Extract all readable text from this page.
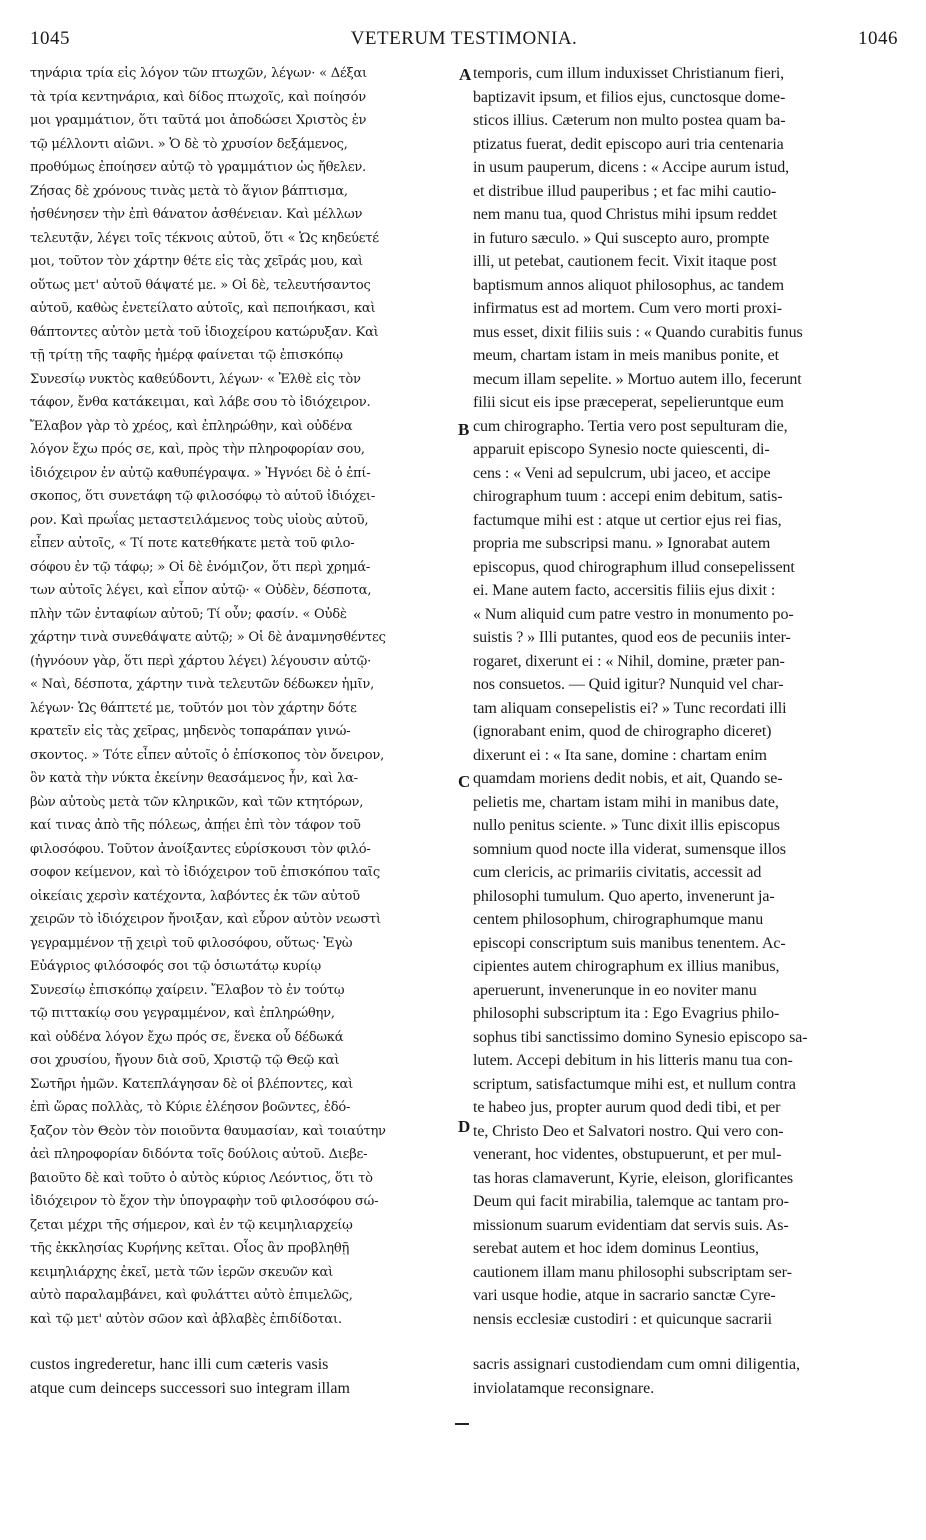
1045	VETERUM TESTIMONIA.	1046
τηνάρια τρία εἰς λόγον τῶν πτωχῶν, λέγων· « Δέξαι
τὰ τρία κεντηνάρια, καὶ δίδος πτωχοῖς, καὶ ποίησόν
μοι γραμμάτιον, ὅτι ταῦτά μοι ἀποδώσει Χριστὸς ἐν
τῷ μέλλοντι αἰῶνι. » Ὁ δὲ τὸ χρυσίον δεξάμενος,
προθύμως ἐποίησεν αὐτῷ τὸ γραμμάτιον ὡς ἤθελεν.
Ζήσας δὲ χρόνους τινὰς μετὰ τὸ ἅγιον βάπτισμα,
ἠσθένησεν τὴν ἐπὶ θάνατον ἀσθένειαν. Καὶ μέλλων
τελευτᾷν, λέγει τοῖς τέκνοις αὐτοῦ, ὅτι « Ὡς κηδεύετέ
μοι, τοῦτον τὸν χάρτην θέτε εἰς τὰς χεῖράς μου, καὶ
οὕτως μετ' αὐτοῦ θάψατέ με. » Οἱ δὲ, τελευτήσαντος
αὐτοῦ, καθὼς ἐνετείλατο αὐτοῖς, καὶ πεποιήκασι, καὶ
θάπτοντες αὐτὸν μετὰ τοῦ ἰδιοχείρου κατώρυξαν. Καὶ
τῇ τρίτῃ τῆς ταφῆς ἡμέρᾳ φαίνεται τῷ ἐπισκόπῳ
Συνεσίῳ νυκτὸς καθεύδοντι, λέγων· « Ἐλθὲ εἰς τὸν
τάφον, ἔνθα κατάκειμαι, καὶ λάβε σου τὸ ἰδιόχειρον.
Ἔλαβον γὰρ τὸ χρέος, καὶ ἐπληρώθην, καὶ οὐδένα
λόγον ἔχω πρός σε, καὶ, πρὸς τὴν πληροφορίαν σου,
ἰδιόχειρον ἐν αὐτῷ καθυπέγραψα. » Ἠγνόει δὲ ὁ ἐπί-
σκοπος, ὅτι συνετάφη τῷ φιλοσόφῳ τὸ αὐτοῦ ἰδιόχει-
ρον. Καὶ πρωΐας μεταστειλάμενος τοὺς υἱοὺς αὐτοῦ,
εἶπεν αὐτοῖς, « Τί ποτε κατεθήκατε μετὰ τοῦ φιλο-
σόφου ἐν τῷ τάφῳ; » Οἱ δὲ ἐνόμιζον, ὅτι περὶ χρημά-
των αὐτοῖς λέγει, καὶ εἶπον αὐτῷ· « Οὐδὲν, δέσποτα,
πλὴν τῶν ἐνταφίων αὐτοῦ; Τί οὖν; φασίν. « Οὐδὲ
χάρτην τινὰ συνεθάψατε αὐτῷ; » Οἱ δὲ ἀναμνησθέντες
(ἠγνόουν γὰρ, ὅτι περὶ χάρτου λέγει) λέγουσιν αὐτῷ·
« Ναὶ, δέσποτα, χάρτην τινὰ τελευτῶν δέδωκεν ἡμῖν,
λέγων· Ὡς θάπτετέ με, τοῦτόν μοι τὸν χάρτην δότε
κρατεῖν εἰς τὰς χεῖρας, μηδενὸς τοπαράπαν γινώ-
σκοντος. » Τότε εἶπεν αὐτοῖς ὁ ἐπίσκοπος τὸν ὄνειρον,
ὃν κατὰ τὴν νύκτα ἐκείνην θεασάμενος ἦν, καὶ λα-
βὼν αὐτοὺς μετὰ τῶν κληρικῶν, καὶ τῶν κτητόρων,
καί τινας ἀπὸ τῆς πόλεως, ἀπῄει ἐπὶ τὸν τάφον τοῦ
φιλοσόφου. Τοῦτον ἀνοίξαντες εὑρίσκουσι τὸν φιλό-
σοφον κείμενον, καὶ τὸ ἰδιόχειρον τοῦ ἐπισκόπου ταῖς
οἰκείαις χερσὶν κατέχοντα, λαβόντες ἐκ τῶν αὐτοῦ
χειρῶν τὸ ἰδιόχειρον ἤνοιξαν, καὶ εὗρον αὐτὸν νεωστὶ
γεγραμμένον τῇ χειρὶ τοῦ φιλοσόφου, οὕτως· Ἐγὼ
Εὐάγριος φιλόσοφός σοι τῷ ὁσιωτάτῳ κυρίῳ
Συνεσίῳ ἐπισκόπῳ χαίρειν. Ἔλαβον τὸ ἐν τούτῳ
τῷ πιττακίῳ σου γεγραμμένον, καὶ ἐπληρώθην,
καὶ οὐδένα λόγον ἔχω πρός σε, ἕνεκα οὗ δέδωκά
σοι χρυσίου, ἤγουν διὰ σοῦ, Χριστῷ τῷ Θεῷ καὶ
Σωτῆρι ἡμῶν. Κατεπλάγησαν δὲ οἱ βλέποντες, καὶ
ἐπὶ ὥρας πολλὰς, τὸ Κύριε ἐλέησον βοῶντες, ἐδό-
ξαζον τὸν Θεὸν τὸν ποιοῦντα θαυμασίαν, καὶ τοιαύτην
ἀεὶ πληροφορίαν διδόντα τοῖς δούλοις αὐτοῦ. Διεβε-
βαιοῦτο δὲ καὶ τοῦτο ὁ αὐτὸς κύριος Λεόντιος, ὅτι τὸ
ἰδιόχειρον τὸ ἔχον τὴν ὑπογραφὴν τοῦ φιλοσόφου σώ-
ζεται μέχρι τῆς σήμερον, καὶ ἐν τῷ κειμηλιαρχείῳ
τῆς ἐκκλησίας Κυρήνης κεῖται. Οἷος ἂν προβληθῇ
κειμηλιάρχης ἐκεῖ, μετὰ τῶν ἱερῶν σκευῶν καὶ
αὐτὸ παραλαμβάνει, καὶ φυλάττει αὐτὸ ἐπιμελῶς,
καὶ τῷ μετ' αὐτὸν σῶον καὶ ἀβλαβὲς ἐπιδίδοται.
temporis, cum illum induxisset Christianum fieri,
baptizavit ipsum, et filios ejus, cunctosque dome-
sticos illius. Cæterum non multo postea quam ba-
ptizatus fuerat, dedit episcopo auri tria centenaria
in usum pauperum, dicens : « Accipe aurum istud,
et distribue illud pauperibus ; et fac mihi cautio-
nem manu tua, quod Christus mihi ipsum reddet
in futuro sæculo. » Qui suscepto auro, prompte
illi, ut petebat, cautionem fecit. Vixit itaque post
baptismum annos aliquot philosophus, ac tandem
infirmatus est ad mortem. Cum vero morti proxi-
mus esset, dixit filiis suis : « Quando curabitis funus
meum, chartam istam in meis manibus ponite, et
mecum illam sepelite. » Mortuo autem illo, fecerunt
filii sicut eis ipse præceperat, sepelieruntque eum
cum chirographo. Tertia vero post sepulturam die,
apparuit episcopo Synesio nocte quiescenti, di-
cens : « Veni ad sepulcrum, ubi jaceo, et accipe
chirographum tuum : accepi enim debitum, satis-
factumque mihi est : atque ut certior ejus rei fias,
propria me subscripsi manu. » Ignorabat autem
episcopus, quod chirographum illud consepelissent
ei. Mane autem facto, accersitis filiis ejus dixit :
« Num aliquid cum patre vestro in monumento po-
suistis ? » Illi putantes, quod eos de pecuniis inter-
rogaret, dixerunt ei : « Nihil, domine, præter pan-
nos consuetos. — Quid igitur? Nunquid vel char-
tam aliquam consepelistis ei? » Tunc recordati illi
(ignorabant enim, quod de chirographo diceret)
dixerunt ei : « Ita sane, domine : chartam enim
quamdam moriens dedit nobis, et ait, Quando se-
pelietis me, chartam istam mihi in manibus date,
nullo penitus sciente. » Tunc dixit illis episcopus
somnium quod nocte illa viderat, sumensque illos
cum clericis, ac primariis civitatis, accessit ad
philosophi tumulum. Quo aperto, invenerunt ja-
centem philosophum, chirographumque manu
episcopi conscriptum suis manibus tenentem. Ac-
cipientes autem chirographum ex illius manibus,
aperuerunt, invenerunque in eo noviter manu
philosophi subscriptum ita : Ego Evagrius philo-
sophus tibi sanctissimo domino Synesio episcopo sa-
lutem. Accepi debitum in his litteris manu tua con-
scriptum, satisfactumque mihi est, et nullum contra
te habeo jus, propter aurum quod dedi tibi, et per
te, Christo Deo et Salvatori nostro. Qui vero con-
venerant, hoc videntes, obstupuerunt, et per mul-
tas horas clamaverunt, Kyrie, eleison, glorificantes
Deum qui facit mirabilia, talemque ac tantam pro-
missionum suarum evidentiam dat servis suis. As-
serebat autem et hoc idem dominus Leontius,
cautionem illam manu philosophi subscriptam ser-
vari usque hodie, atque in sacrario sanctæ Cyre-
nensis ecclesiæ custodiri : et quicunque sacrarii
A
B
C
D
custos ingrederetur, hanc illi cum cæteris vasis
atque cum deinceps successori suo integram illam
sacris assignari custodiendam cum omni diligentia,
inviolatamque reconsignare.
